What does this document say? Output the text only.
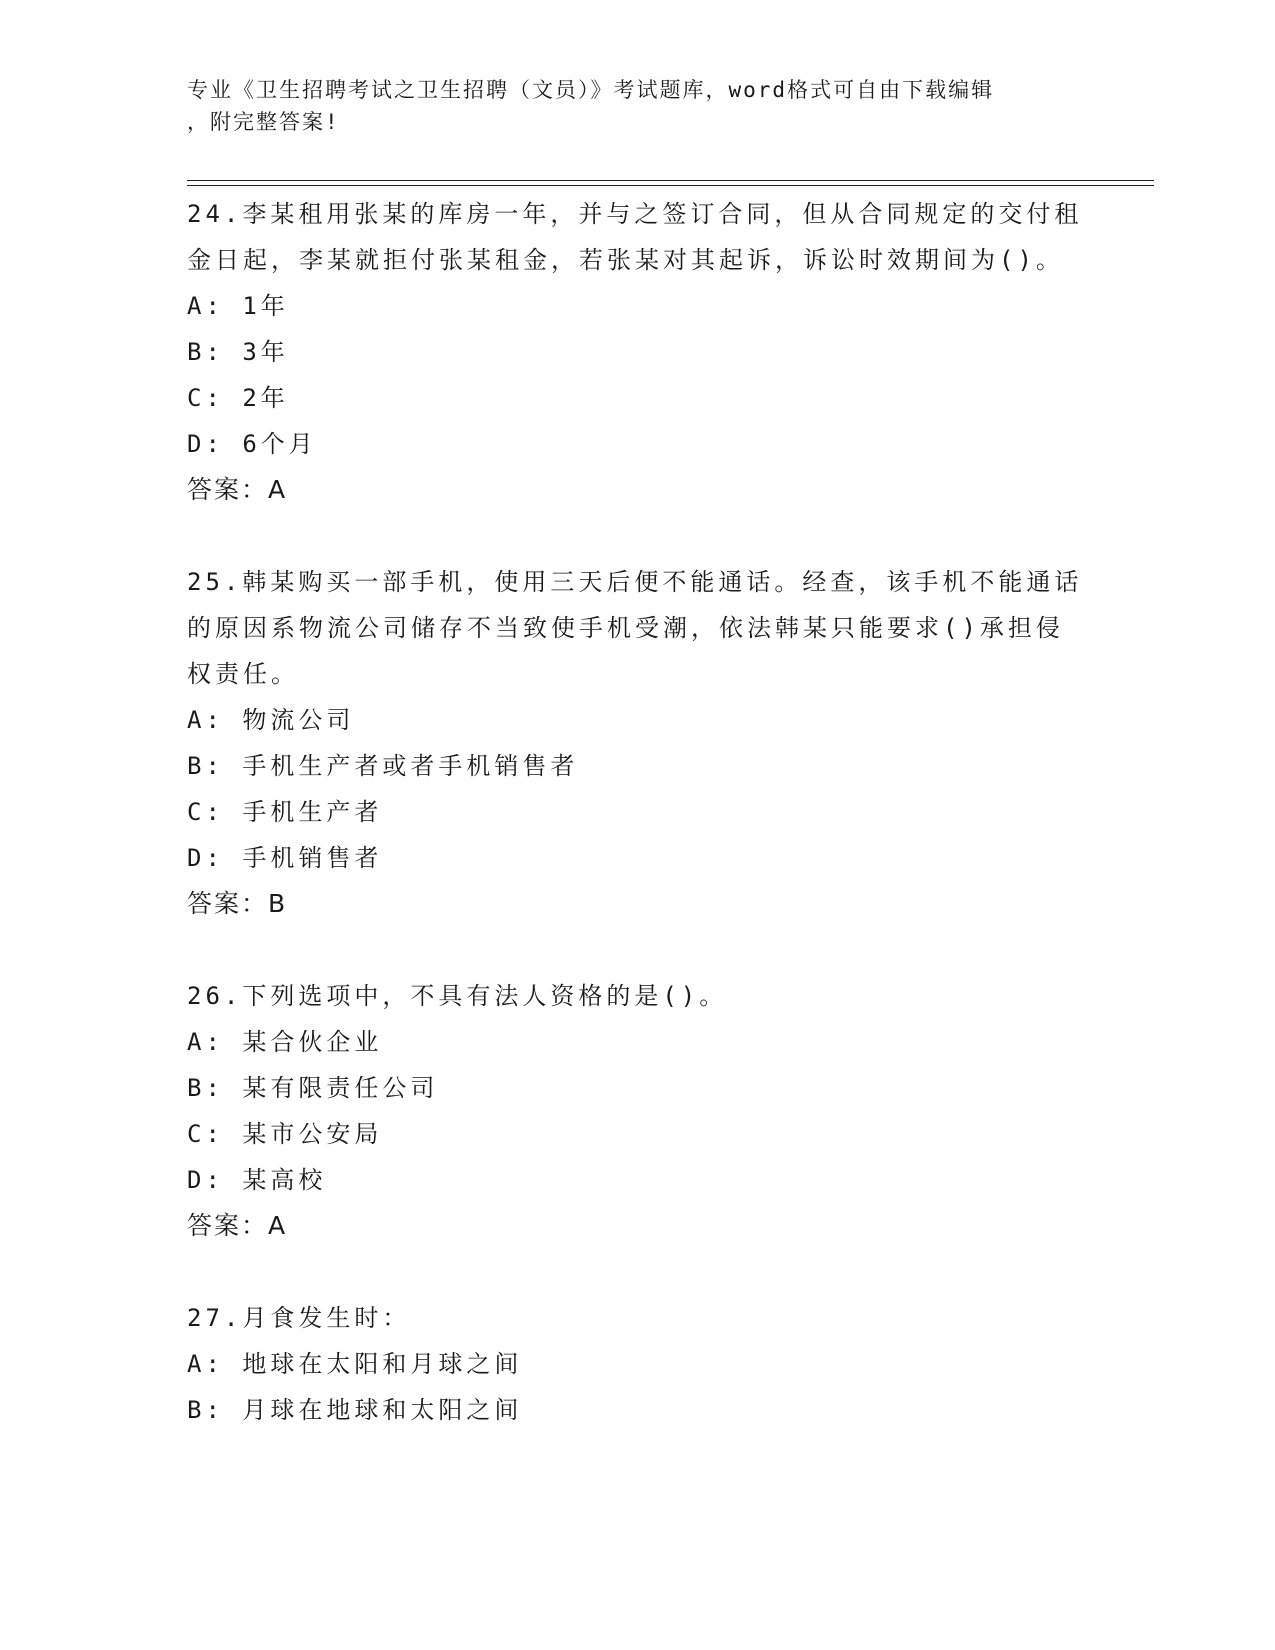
专业《卫生招聘考试之卫生招聘（文员）》考试题库，word格式可自由下载编辑
，附完整答案!

24.李某租用张某的库房一年，并与之签订合同，但从合同规定的交付租金日起，李某就拒付张某租金，若张某对其起诉，诉讼时效期间为()。

A: 1年

B: 3年

C: 2年

D: 6个月

答案：A

25.韩某购买一部手机，使用三天后便不能通话。经查，该手机不能通话的原因系物流公司储存不当致使手机受潮，依法韩某只能要求()承担侵权责任。

A: 物流公司

B: 手机生产者或者手机销售者

C: 手机生产者

D: 手机销售者

答案：B

26.下列选项中，不具有法人资格的是()。

A: 某合伙企业

B: 某有限责任公司

C: 某市公安局

D: 某高校

答案：A

27.月食发生时：

A: 地球在太阳和月球之间

B: 月球在地球和太阳之间
